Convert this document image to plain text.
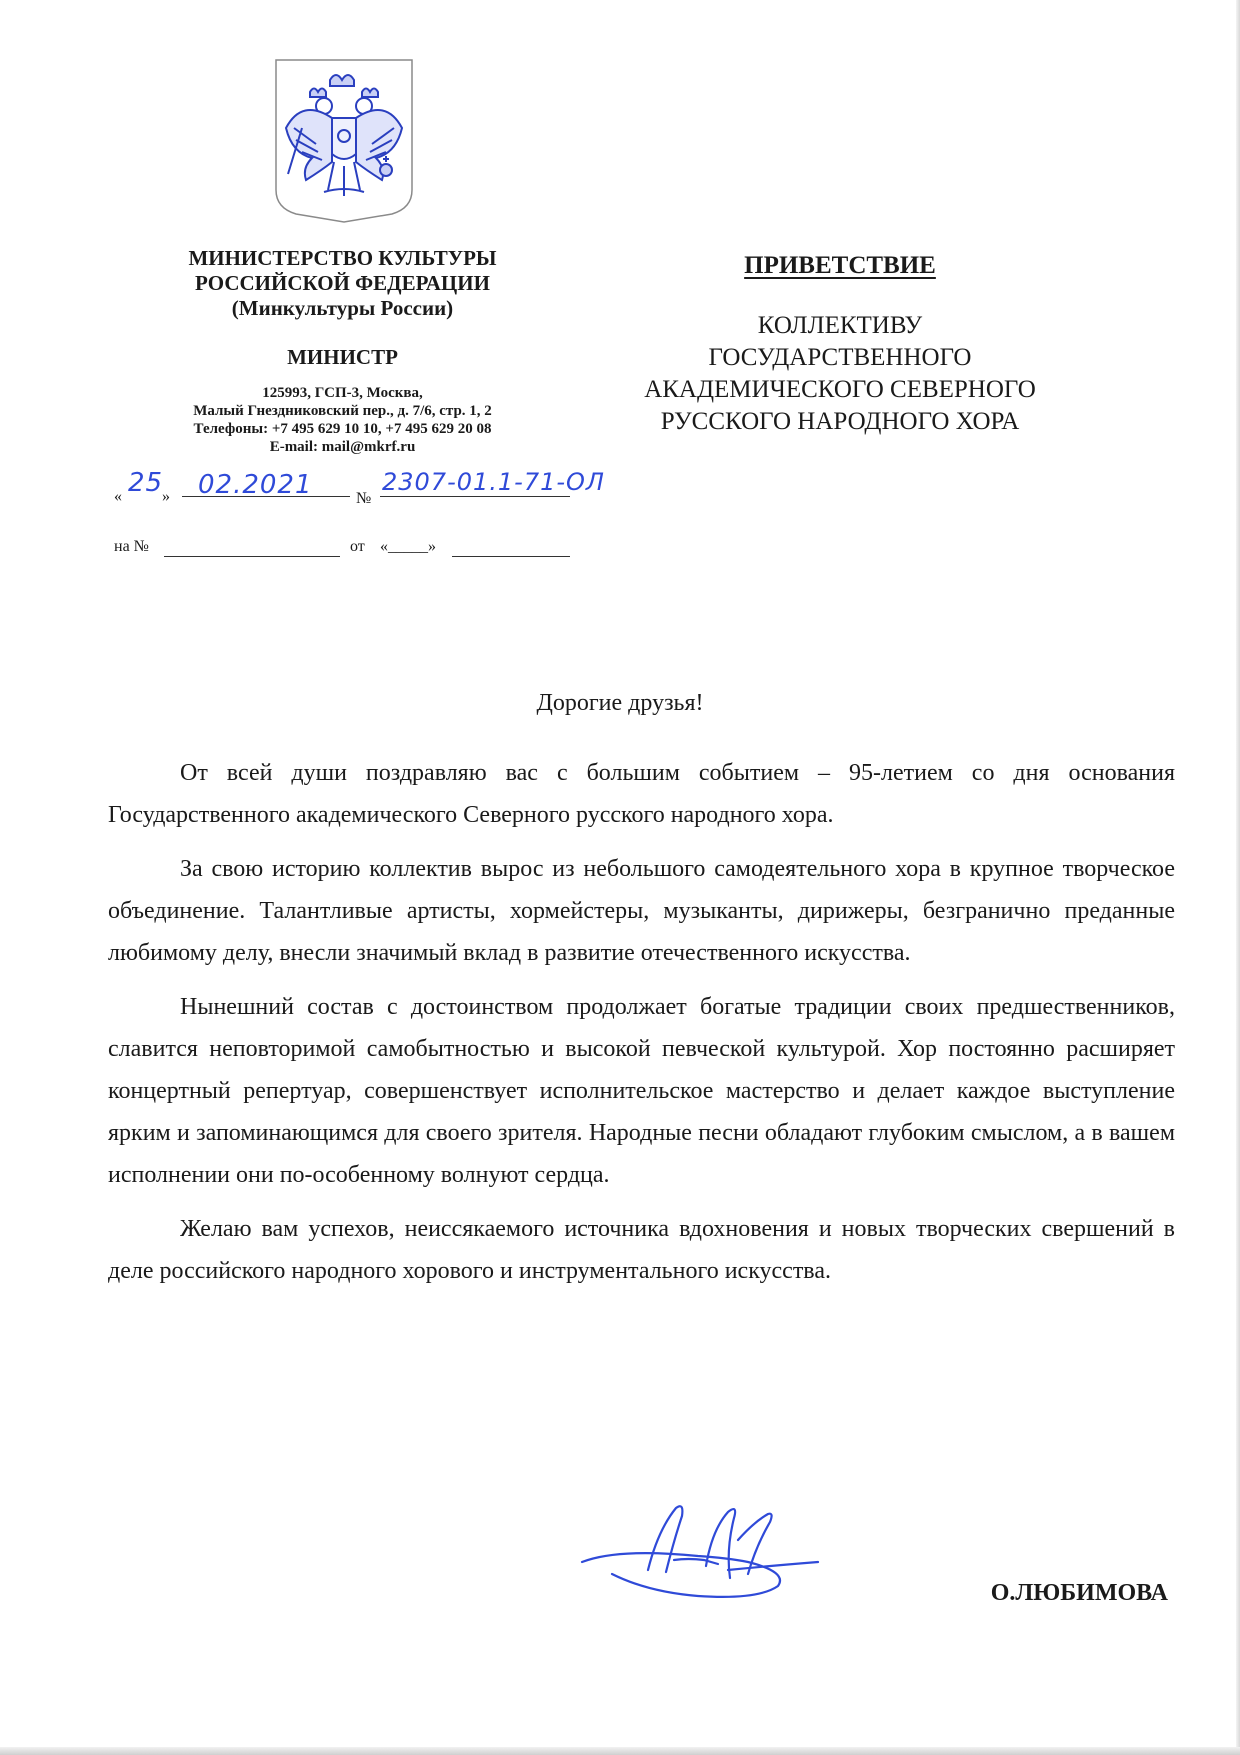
МИНИСТЕРСТВО КУЛЬТУРЫ
РОССИЙСКОЙ ФЕДЕРАЦИИ
(Минкультуры России)
МИНИСТР
125993, ГСП-3, Москва,
Малый Гнездниковский пер., д. 7/6, стр. 1, 2
Телефоны: +7 495 629 10 10, +7 495 629 20 08
E-mail: mail@mkrf.ru
« 25
» 02.2021	№
2307-01.1-71-ОЛ
на №	от «_____»
ПРИВЕТСТВИЕ
КОЛЛЕКТИВУ
ГОСУДАРСТВЕННОГО
АКАДЕМИЧЕСКОГО СЕВЕРНОГО
РУССКОГО НАРОДНОГО ХОРА
Дорогие друзья!

От всей души поздравляю вас с большим событием – 95-летием со дня основания Государственного академического Северного русского народного хора.

За свою историю коллектив вырос из небольшого самодеятельного хора в крупное творческое объединение. Талантливые артисты, хормейстеры, музыканты, дирижеры, безгранично преданные любимому делу, внесли значимый вклад в развитие отечественного искусства.

Нынешний состав с достоинством продолжает богатые традиции своих предшественников, славится неповторимой самобытностью и высокой певческой культурой. Хор постоянно расширяет концертный репертуар, совершенствует исполнительское мастерство и делает каждое выступление ярким и запоминающимся для своего зрителя. Народные песни обладают глубоким смыслом, а в вашем исполнении они по-особенному волнуют сердца.

Желаю вам успехов, неиссякаемого источника вдохновения и новых творческих свершений в деле российского народного хорового и инструментального искусства.

О.ЛЮБИМОВА
